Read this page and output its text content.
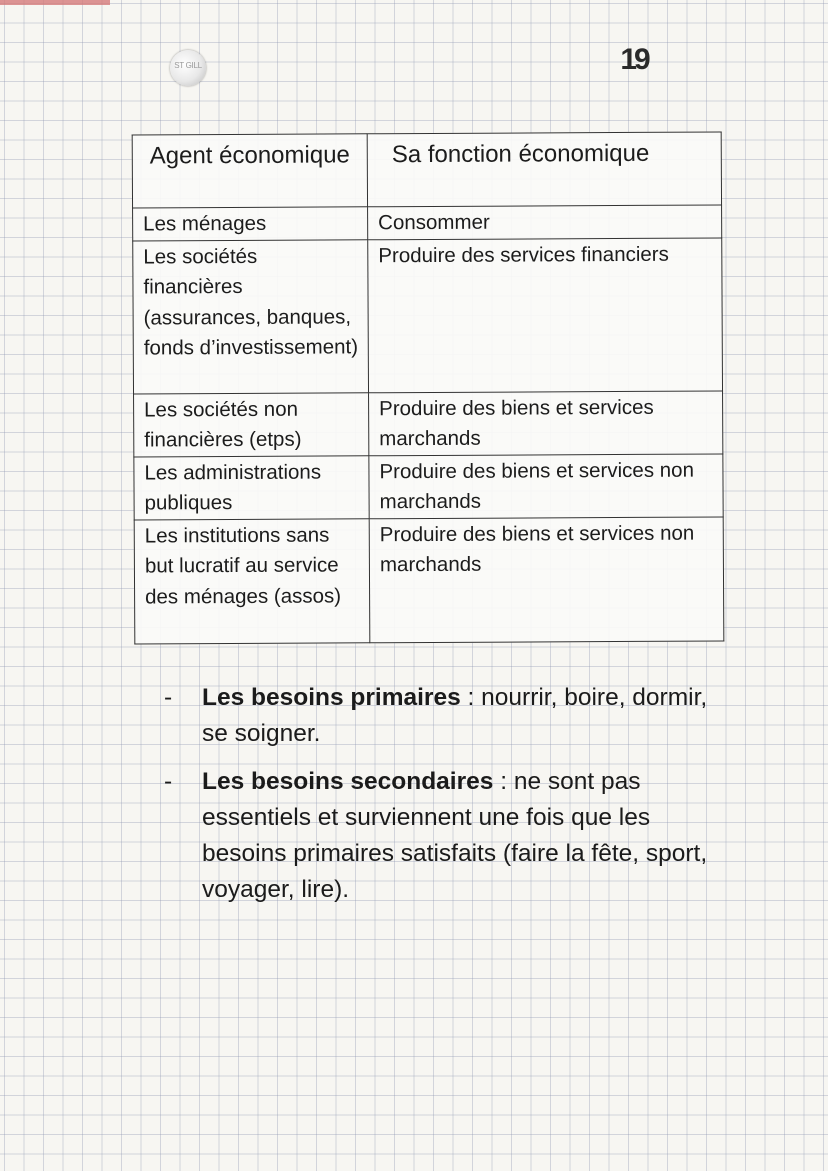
ST GILL	19
Agent économique	Sa fonction économique
Les ménages	Consommer
Les sociétés financières (assurances, banques, fonds d’investissement)	Produire des services financiers
Les sociétés non financières (etps)	Produire des biens et services marchands
Les administrations publiques	Produire des biens et services non marchands
Les institutions sans but lucratif au service des ménages (assos)	Produire des biens et services non marchands
- Les besoins primaires : nourrir, boire, dormir, se soigner.
- Les besoins secondaires : ne sont pas essentiels et surviennent une fois que les besoins primaires satisfaits (faire la fête, sport, voyager, lire).
